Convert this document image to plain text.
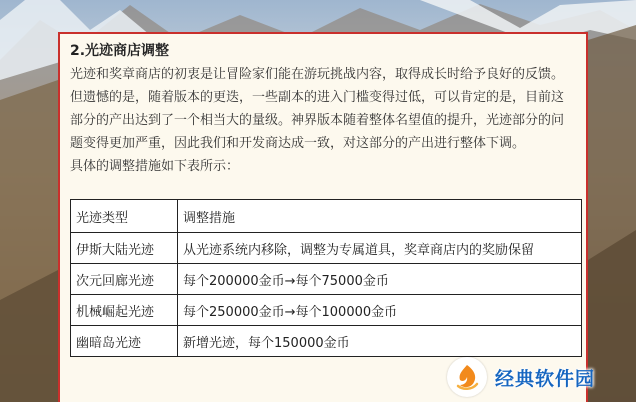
2.光迹商店调整
光迹和奖章商店的初衷是让冒险家们能在游玩挑战内容，取得成长时给予良好的反馈。
但遗憾的是，随着版本的更迭，一些副本的进入门槛变得过低，可以肯定的是，目前这
部分的产出达到了一个相当大的量级。神界版本随着整体名望值的提升，光迹部分的问
题变得更加严重，因此我们和开发商达成一致，对这部分的产出进行整体下调。
具体的调整措施如下表所示：
光迹类型	调整措施
伊斯大陆光迹	从光迹系统内移除，调整为专属道具，奖章商店内的奖励保留
次元回廊光迹	每个200000金币→每个75000金币
机械崛起光迹	每个250000金币→每个100000金币
幽暗岛光迹	新增光迹，每个150000金币
经典软件园
